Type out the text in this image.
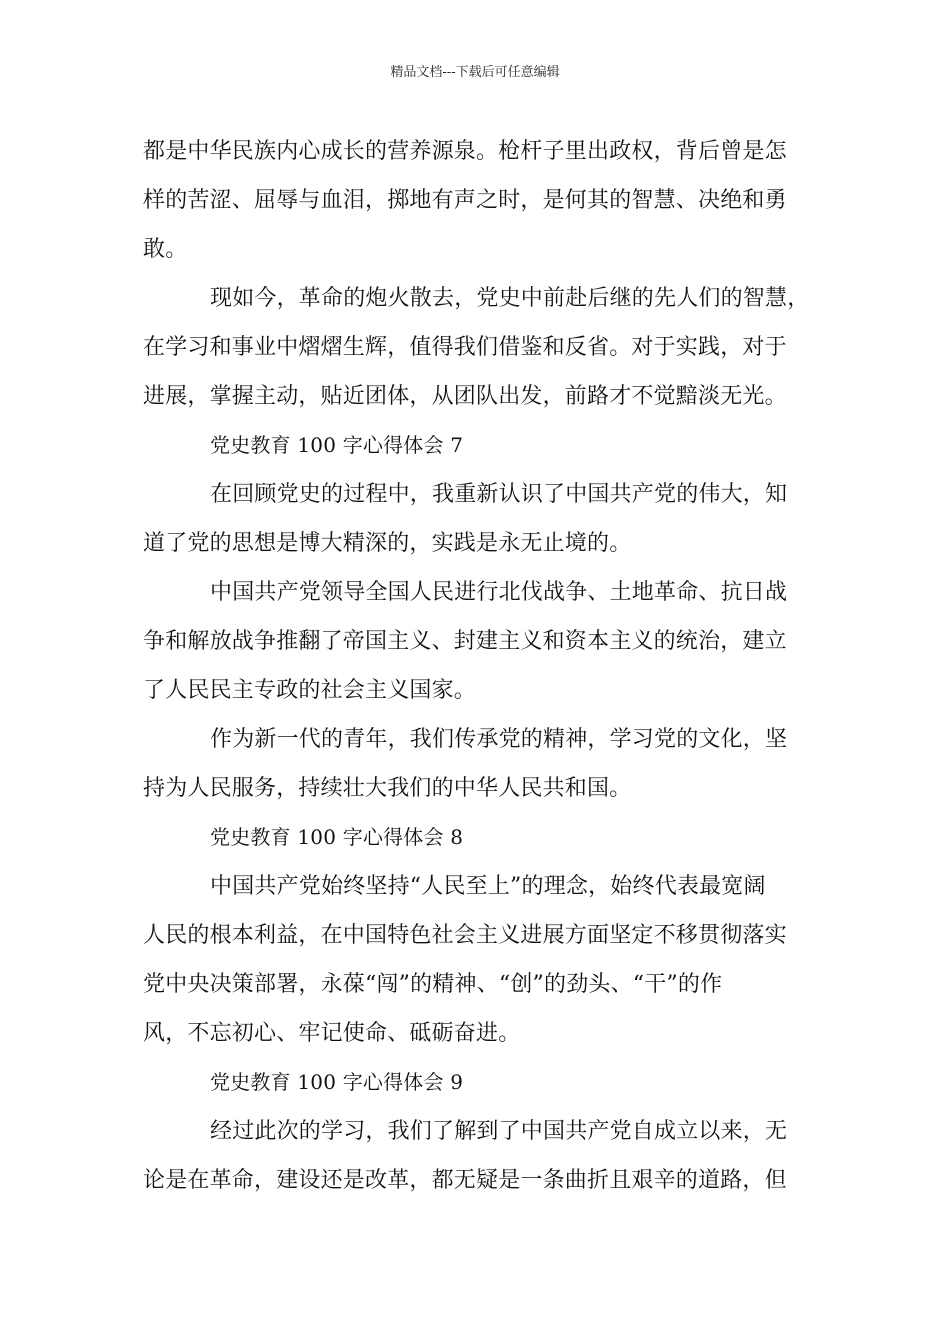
精品文档---下载后可任意编辑
都是中华民族内心成长的营养源泉。枪杆子里出政权，背后曾是怎
样的苦涩、屈辱与血泪，掷地有声之时，是何其的智慧、决绝和勇
敢。
现如今，革命的炮火散去，党史中前赴后继的先人们的智慧，
在学习和事业中熠熠生辉，值得我们借鉴和反省。对于实践，对于
进展，掌握主动，贴近团体，从团队出发，前路才不觉黯淡无光。
党史教育 100 字心得体会 7
在回顾党史的过程中，我重新认识了中国共产党的伟大，知
道了党的思想是博大精深的，实践是永无止境的。
中国共产党领导全国人民进行北伐战争、土地革命、抗日战
争和解放战争推翻了帝国主义、封建主义和资本主义的统治，建立
了人民民主专政的社会主义国家。
作为新一代的青年，我们传承党的精神，学习党的文化，坚
持为人民服务，持续壮大我们的中华人民共和国。
党史教育 100 字心得体会 8
中国共产党始终坚持“人民至上”的理念，始终代表最宽阔
人民的根本利益，在中国特色社会主义进展方面坚定不移贯彻落实
党中央决策部署，永葆“闯”的精神、“创”的劲头、“干”的作
风，不忘初心、牢记使命、砥砺奋进。
党史教育 100 字心得体会 9
经过此次的学习，我们了解到了中国共产党自成立以来，无
论是在革命，建设还是改革，都无疑是一条曲折且艰辛的道路，但
